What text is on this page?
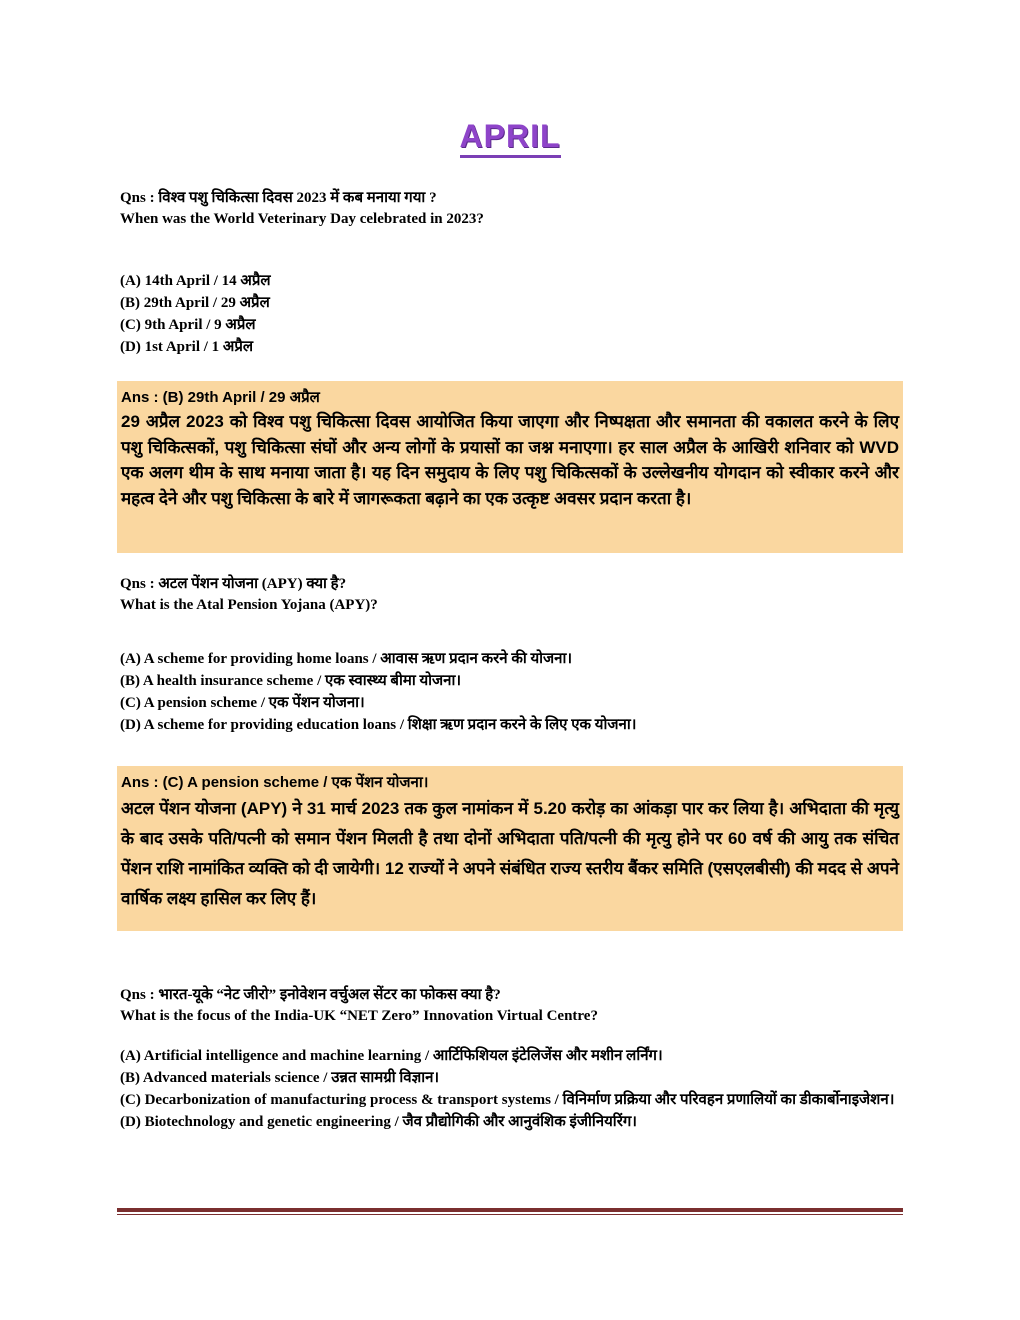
APRIL
Qns : विश्व पशु चिकित्सा दिवस 2023 में कब मनाया गया ?
When was the World Veterinary Day celebrated in 2023?
(A) 14th April / 14 अप्रैल
(B) 29th April / 29 अप्रैल
(C) 9th April / 9 अप्रैल
(D) 1st April / 1 अप्रैल
Ans : (B) 29th April / 29 अप्रैल
29 अप्रैल 2023 को विश्व पशु चिकित्सा दिवस आयोजित किया जाएगा और निष्पक्षता और समानता की वकालत करने के लिए पशु चिकित्सकों, पशु चिकित्सा संघों और अन्य लोगों के प्रयासों का जश्न मनाएगा। हर साल अप्रैल के आखिरी शनिवार को WVD एक अलग थीम के साथ मनाया जाता है। यह दिन समुदाय के लिए पशु चिकित्सकों के उल्लेखनीय योगदान को स्वीकार करने और महत्व देने और पशु चिकित्सा के बारे में जागरूकता बढ़ाने का एक उत्कृष्ट अवसर प्रदान करता है।
Qns : अटल पेंशन योजना (APY) क्या है?
What is the Atal Pension Yojana (APY)?
(A) A scheme for providing home loans / आवास ऋण प्रदान करने की योजना।
(B) A health insurance scheme / एक स्वास्थ्य बीमा योजना।
(C) A pension scheme / एक पेंशन योजना।
(D) A scheme for providing education loans / शिक्षा ऋण प्रदान करने के लिए एक योजना।
Ans : (C) A pension scheme / एक पेंशन योजना।
अटल पेंशन योजना (APY) ने 31 मार्च 2023 तक कुल नामांकन में 5.20 करोड़ का आंकड़ा पार कर लिया है। अभिदाता की मृत्यु के बाद उसके पति/पत्नी को समान पेंशन मिलती है तथा दोनों अभिदाता पति/पत्नी की मृत्यु होने पर 60 वर्ष की आयु तक संचित पेंशन राशि नामांकित व्यक्ति को दी जायेगी। 12 राज्यों ने अपने संबंधित राज्य स्तरीय बैंकर समिति (एसएलबीसी) की मदद से अपने वार्षिक लक्ष्य हासिल कर लिए हैं।
Qns : भारत-यूके “नेट जीरो” इनोवेशन वर्चुअल सेंटर का फोकस क्या है?
What is the focus of the India-UK “NET Zero” Innovation Virtual Centre?
(A) Artificial intelligence and machine learning / आर्टिफिशियल इंटेलिजेंस और मशीन लर्निंग।
(B) Advanced materials science / उन्नत सामग्री विज्ञान।
(C) Decarbonization of manufacturing process & transport systems / विनिर्माण प्रक्रिया और परिवहन प्रणालियों का डीकार्बोनाइजेशन।
(D) Biotechnology and genetic engineering / जैव प्रौद्योगिकी और आनुवंशिक इंजीनियरिंग।
